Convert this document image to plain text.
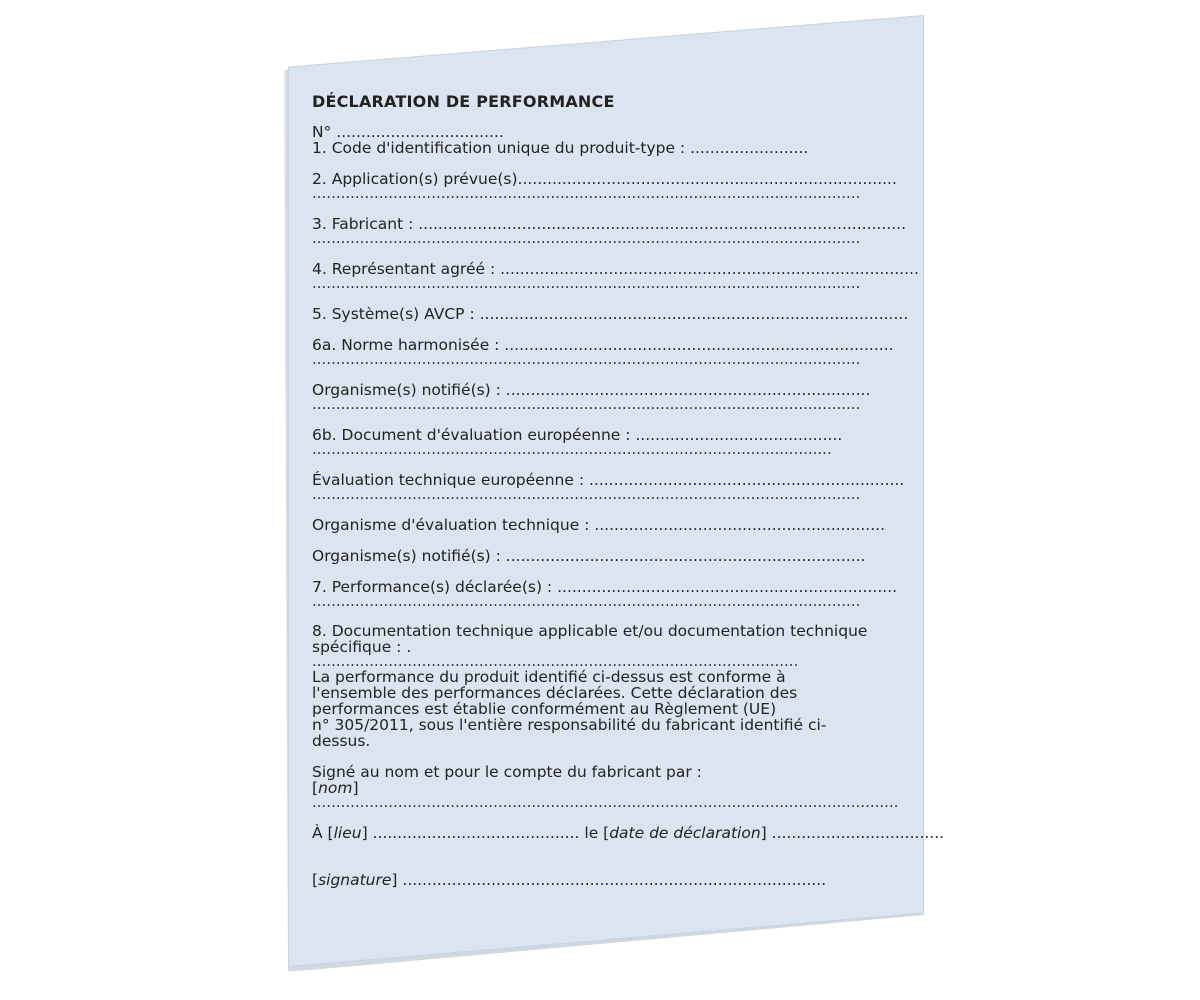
DÉCLARATION DE PERFORMANCE
N° ..................................
1. Code d'identification unique du produit-type : ........................
2. Application(s) prévue(s).............................................................................
...................................................................................................................
3. Fabricant : ...................................................................................................
...................................................................................................................
4. Représentant agréé : .....................................................................................
...................................................................................................................
5. Système(s) AVCP : .......................................................................................
6a. Norme harmonisée : ...............................................................................
...................................................................................................................
Organisme(s) notifié(s) : ..........................................................................
...................................................................................................................
6b. Document d'évaluation européenne : ..........................................
.............................................................................................................
Évaluation technique européenne : ................................................................
...................................................................................................................
Organisme d'évaluation technique : ...........................................................
Organisme(s) notifié(s) : .........................................................................
7. Performance(s) déclarée(s) : .....................................................................
...................................................................................................................
8. Documentation technique applicable et/ou documentation technique
spécifique : .
......................................................................................................
La performance du produit identifié ci-dessus est conforme à
l'ensemble des performances déclarées. Cette déclaration des
performances est établie conformément au Règlement (UE)
n° 305/2011, sous l'entière responsabilité du fabricant identifié ci-
dessus.
Signé au nom et pour le compte du fabricant par :
[nom]
...........................................................................................................................
À [lieu] .......................................... le [date de déclaration] ...................................
[signature] ......................................................................................
